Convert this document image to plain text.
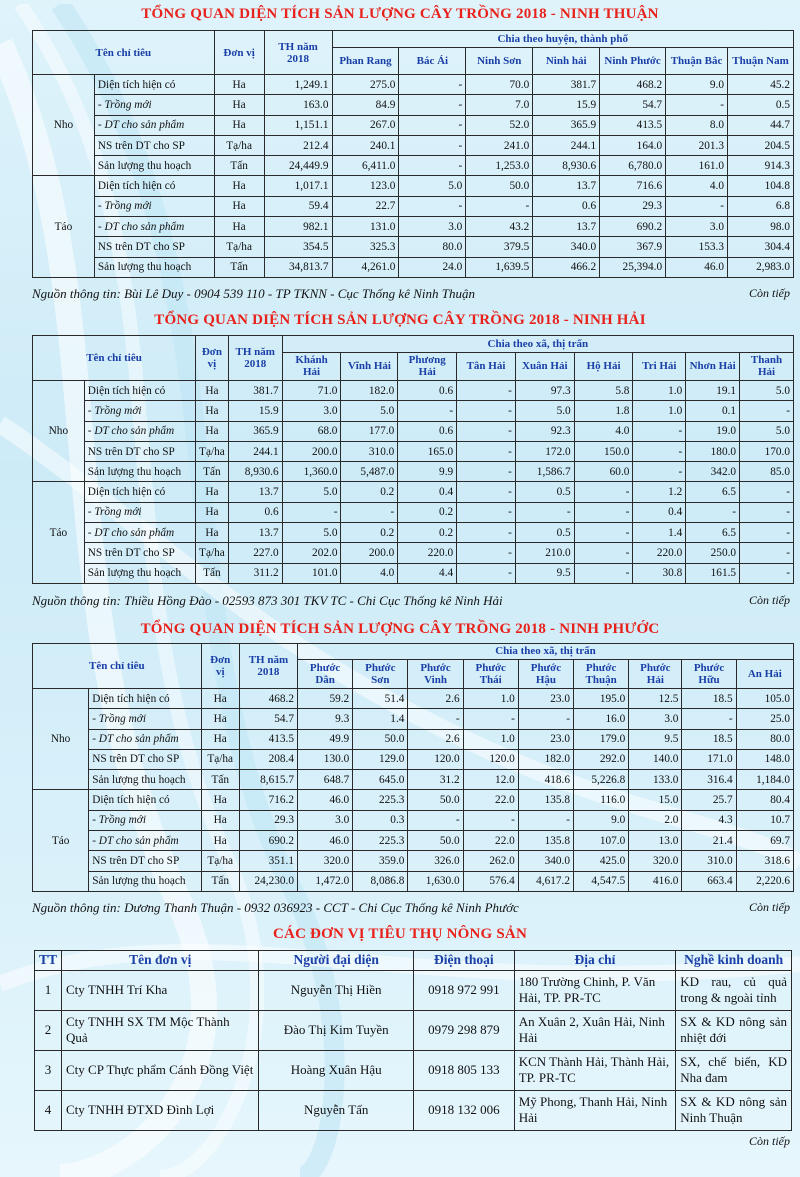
TỔNG QUAN DIỆN TÍCH SẢN LƯỢNG CÂY TRỒNG 2018 - NINH THUẬN
Tên chỉ tiêu		Đơn vị	TH năm 2018	Chia theo huyện, thành phố						
				Phan Rang	Bác Ái	Ninh Sơn	Ninh hải	Ninh Phước	Thuận Bắc	Thuận Nam
Nho	Diện tích hiện có	Ha	1,249.1	275.0	-	70.0	381.7	468.2	9.0	45.2
	- Trồng mới	Ha	163.0	84.9	-	7.0	15.9	54.7	-	0.5
	- DT cho sản phẩm	Ha	1,151.1	267.0	-	52.0	365.9	413.5	8.0	44.7
	NS trên DT cho SP	Tạ/ha	212.4	240.1	-	241.0	244.1	164.0	201.3	204.5
	Sản lượng thu hoạch	Tấn	24,449.9	6,411.0	-	1,253.0	8,930.6	6,780.0	161.0	914.3
Táo	Diện tích hiện có	Ha	1,017.1	123.0	5.0	50.0	13.7	716.6	4.0	104.8
	- Trồng mới	Ha	59.4	22.7	-	-	0.6	29.3	-	6.8
	- DT cho sản phẩm	Ha	982.1	131.0	3.0	43.2	13.7	690.2	3.0	98.0
	NS trên DT cho SP	Tạ/ha	354.5	325.3	80.0	379.5	340.0	367.9	153.3	304.4
	Sản lượng thu hoạch	Tấn	34,813.7	4,261.0	24.0	1,639.5	466.2	25,394.0	46.0	2,983.0
Nguồn thông tin: Bùi Lê Duy - 0904 539 110 - TP TKNN - Cục Thống kê Ninh Thuận	Còn tiếp
TỔNG QUAN DIỆN TÍCH SẢN LƯỢNG CÂY TRỒNG 2018 - NINH HẢI
Tên chỉ tiêu		Đơn vị	TH năm 2018	Chia theo xã, thị trấn								
				Khánh Hải	Vĩnh Hải	Phương Hải	Tân Hải	Xuân Hải	Hộ Hải	Tri Hải	Nhơn Hải	Thanh Hải
Nho	Diện tích hiện có	Ha	381.7	71.0	182.0	0.6	-	97.3	5.8	1.0	19.1	5.0
	- Trồng mới	Ha	15.9	3.0	5.0	-	-	5.0	1.8	1.0	0.1	-
	- DT cho sản phẩm	Ha	365.9	68.0	177.0	0.6	-	92.3	4.0	-	19.0	5.0
	NS trên DT cho SP	Tạ/ha	244.1	200.0	310.0	165.0	-	172.0	150.0	-	180.0	170.0
	Sản lượng thu hoạch	Tấn	8,930.6	1,360.0	5,487.0	9.9	-	1,586.7	60.0	-	342.0	85.0
Táo	Diện tích hiện có	Ha	13.7	5.0	0.2	0.4	-	0.5	-	1.2	6.5	-
	- Trồng mới	Ha	0.6	-	-	0.2	-	-	-	0.4	-	-
	- DT cho sản phẩm	Ha	13.7	5.0	0.2	0.2	-	0.5	-	1.4	6.5	-
	NS trên DT cho SP	Tạ/ha	227.0	202.0	200.0	220.0	-	210.0	-	220.0	250.0	-
	Sản lượng thu hoạch	Tấn	311.2	101.0	4.0	4.4	-	9.5	-	30.8	161.5	-
Nguồn thông tin: Thiều Hồng Đào - 02593 873 301 TKV TC - Chi Cục Thống kê Ninh Hải	Còn tiếp
TỔNG QUAN DIỆN TÍCH SẢN LƯỢNG CÂY TRỒNG 2018 - NINH PHƯỚC
Tên chỉ tiêu		Đơn vị	TH năm 2018	Chia theo xã, thị trấn								
				Phước Dân	Phước Sơn	Phước Vinh	Phước Thái	Phước Hậu	Phước Thuận	Phước Hải	Phước Hữu	An Hải
Nho	Diện tích hiện có	Ha	468.2	59.2	51.4	2.6	1.0	23.0	195.0	12.5	18.5	105.0
	- Trồng mới	Ha	54.7	9.3	1.4	-	-	-	16.0	3.0	-	25.0
	- DT cho sản phẩm	Ha	413.5	49.9	50.0	2.6	1.0	23.0	179.0	9.5	18.5	80.0
	NS trên DT cho SP	Tạ/ha	208.4	130.0	129.0	120.0	120.0	182.0	292.0	140.0	171.0	148.0
	Sản lượng thu hoạch	Tấn	8,615.7	648.7	645.0	31.2	12.0	418.6	5,226.8	133.0	316.4	1,184.0
Táo	Diện tích hiện có	Ha	716.2	46.0	225.3	50.0	22.0	135.8	116.0	15.0	25.7	80.4
	- Trồng mới	Ha	29.3	3.0	0.3	-	-	-	9.0	2.0	4.3	10.7
	- DT cho sản phẩm	Ha	690.2	46.0	225.3	50.0	22.0	135.8	107.0	13.0	21.4	69.7
	NS trên DT cho SP	Tạ/ha	351.1	320.0	359.0	326.0	262.0	340.0	425.0	320.0	310.0	318.6
	Sản lượng thu hoạch	Tấn	24,230.0	1,472.0	8,086.8	1,630.0	576.4	4,617.2	4,547.5	416.0	663.4	2,220.6
Nguồn thông tin: Dương Thanh Thuận - 0932 036923 - CCT - Chi Cục Thống kê Ninh Phước	Còn tiếp
CÁC ĐƠN VỊ TIÊU THỤ NÔNG SẢN
TT	Tên đơn vị	Người đại diện	Điện thoại	Địa chỉ	Nghề kinh doanh
1	Cty TNHH Trí Kha	Nguyễn Thị Hiền	0918 972 991	180 Trường Chinh, P. Văn Hải, TP. PR-TC	KD rau, củ quả trong & ngoài tỉnh
2	Cty TNHH SX TM Mộc Thành Quả	Đào Thị Kim Tuyền	0979 298 879	An Xuân 2, Xuân Hải, Ninh Hải	SX & KD nông sản nhiệt đới
3	Cty CP Thực phẩm Cánh Đồng Việt	Hoàng Xuân Hậu	0918 805 133	KCN Thành Hải, Thành Hải, TP. PR-TC	SX, chế biến, KD Nha đam
4	Cty TNHH ĐTXD Đình Lợi	Nguyễn Tấn	0918 132 006	Mỹ Phong, Thanh Hải, Ninh Hải	SX & KD nông sản Ninh Thuận
Còn tiếp
